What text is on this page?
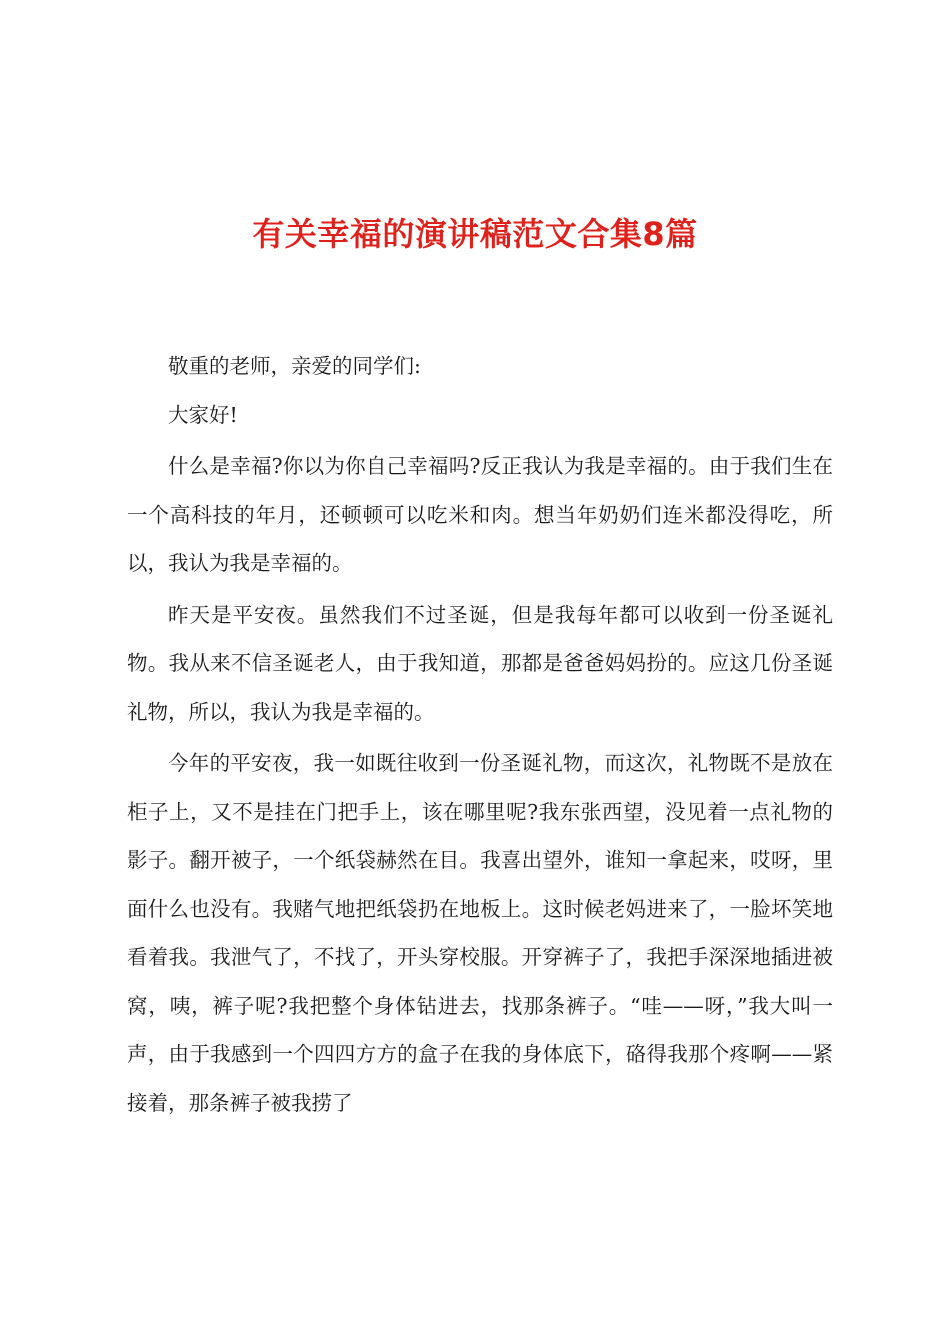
有关幸福的演讲稿范文合集8篇

敬重的老师，亲爱的同学们:

大家好!

什么是幸福?你以为你自己幸福吗?反正我认为我是幸福的。由于我们生在一个高科技的年月，还顿顿可以吃米和肉。想当年奶奶们连米都没得吃，所以，我认为我是幸福的。

昨天是平安夜。虽然我们不过圣诞，但是我每年都可以收到一份圣诞礼物。我从来不信圣诞老人，由于我知道，那都是爸爸妈妈扮的。应这几份圣诞礼物，所以，我认为我是幸福的。

今年的平安夜，我一如既往收到一份圣诞礼物，而这次，礼物既不是放在柜子上，又不是挂在门把手上，该在哪里呢?我东张西望，没见着一点礼物的影子。翻开被子，一个纸袋赫然在目。我喜出望外，谁知一拿起来，哎呀，里面什么也没有。我赌气地把纸袋扔在地板上。这时候老妈进来了，一脸坏笑地看着我。我泄气了，不找了，开头穿校服。开穿裤子了，我把手深深地插进被窝，咦，裤子呢?我把整个身体钻进去，找那条裤子。“哇——呀，”我大叫一声，由于我感到一个四四方方的盒子在我的身体底下，硌得我那个疼啊——紧接着，那条裤子被我捞了
